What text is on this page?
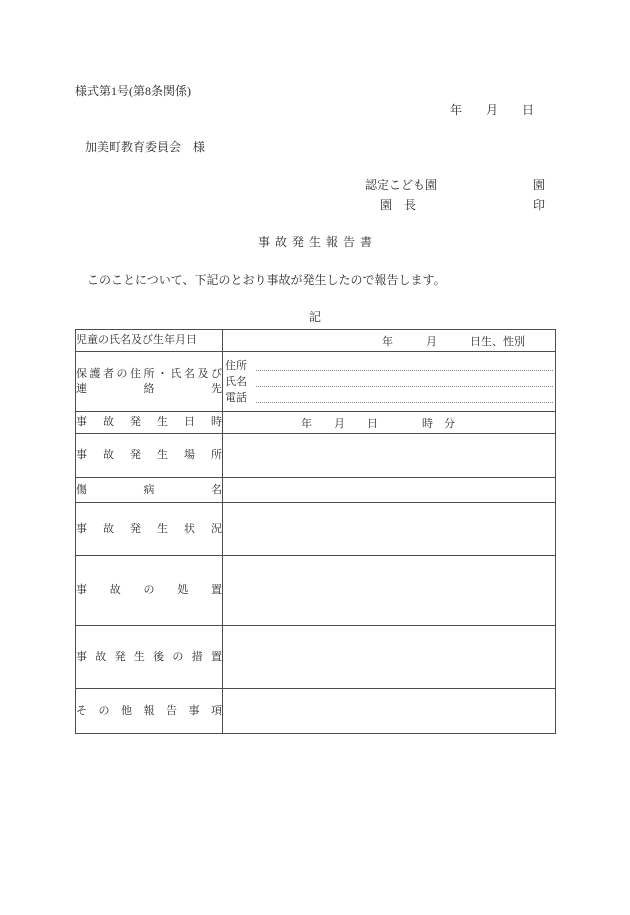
様式第1号(第8条関係)
年　　月　　日
加美町教育委員会　様
認定こども園	園
園　長	印
事故発生報告書
このことについて、下記のとおり事故が発生したので報告します。
記
児童の氏名及び生年月日	年　　　月　　　日生、性別

保護者の住所・氏名及び
連絡先

住所
氏名
電話

事故発生日時	年　　月　　日　　　　時　分

事故発生場所	

傷病名	

事故発生状況	

事故の処置	

事故発生後の措置	

その他報告事項	
